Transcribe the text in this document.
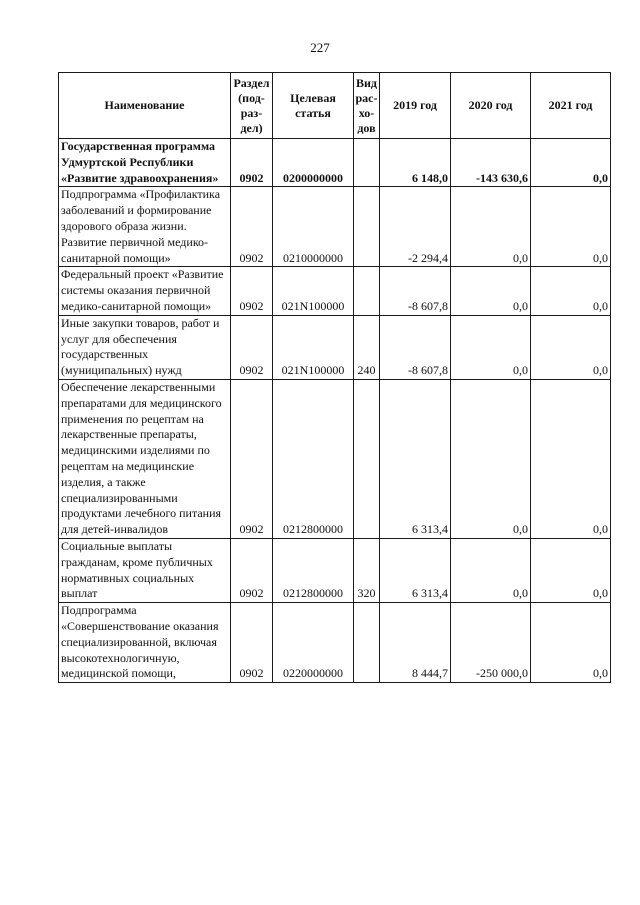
227
Наименование	Раздел (под-раз-дел)	Целевая статья	Вид рас-хо-дов	2019 год	2020 год	2021 год
Государственная программа Удмуртской Республики «Развитие здравоохранения»	0902	0200000000		6 148,0	-143 630,6	0,0
Подпрограмма «Профилактика заболеваний и формирование здорового образа жизни. Развитие первичной медико-санитарной помощи»	0902	0210000000		-2 294,4	0,0	0,0
Федеральный проект «Развитие системы оказания первичной медико-санитарной помощи»	0902	021N100000		-8 607,8	0,0	0,0
Иные закупки товаров, работ и услуг для обеспечения государственных (муниципальных) нужд	0902	021N100000	240	-8 607,8	0,0	0,0
Обеспечение лекарственными препаратами для медицинского применения по рецептам на лекарственные препараты, медицинскими изделиями по рецептам на медицинские изделия, а также специализированными продуктами лечебного питания для детей-инвалидов	0902	0212800000		6 313,4	0,0	0,0
Социальные выплаты гражданам, кроме публичных нормативных социальных выплат	0902	0212800000	320	6 313,4	0,0	0,0
Подпрограмма «Совершенствование оказания специализированной, включая высокотехнологичную, медицинской помощи,	0902	0220000000		8 444,7	-250 000,0	0,0
